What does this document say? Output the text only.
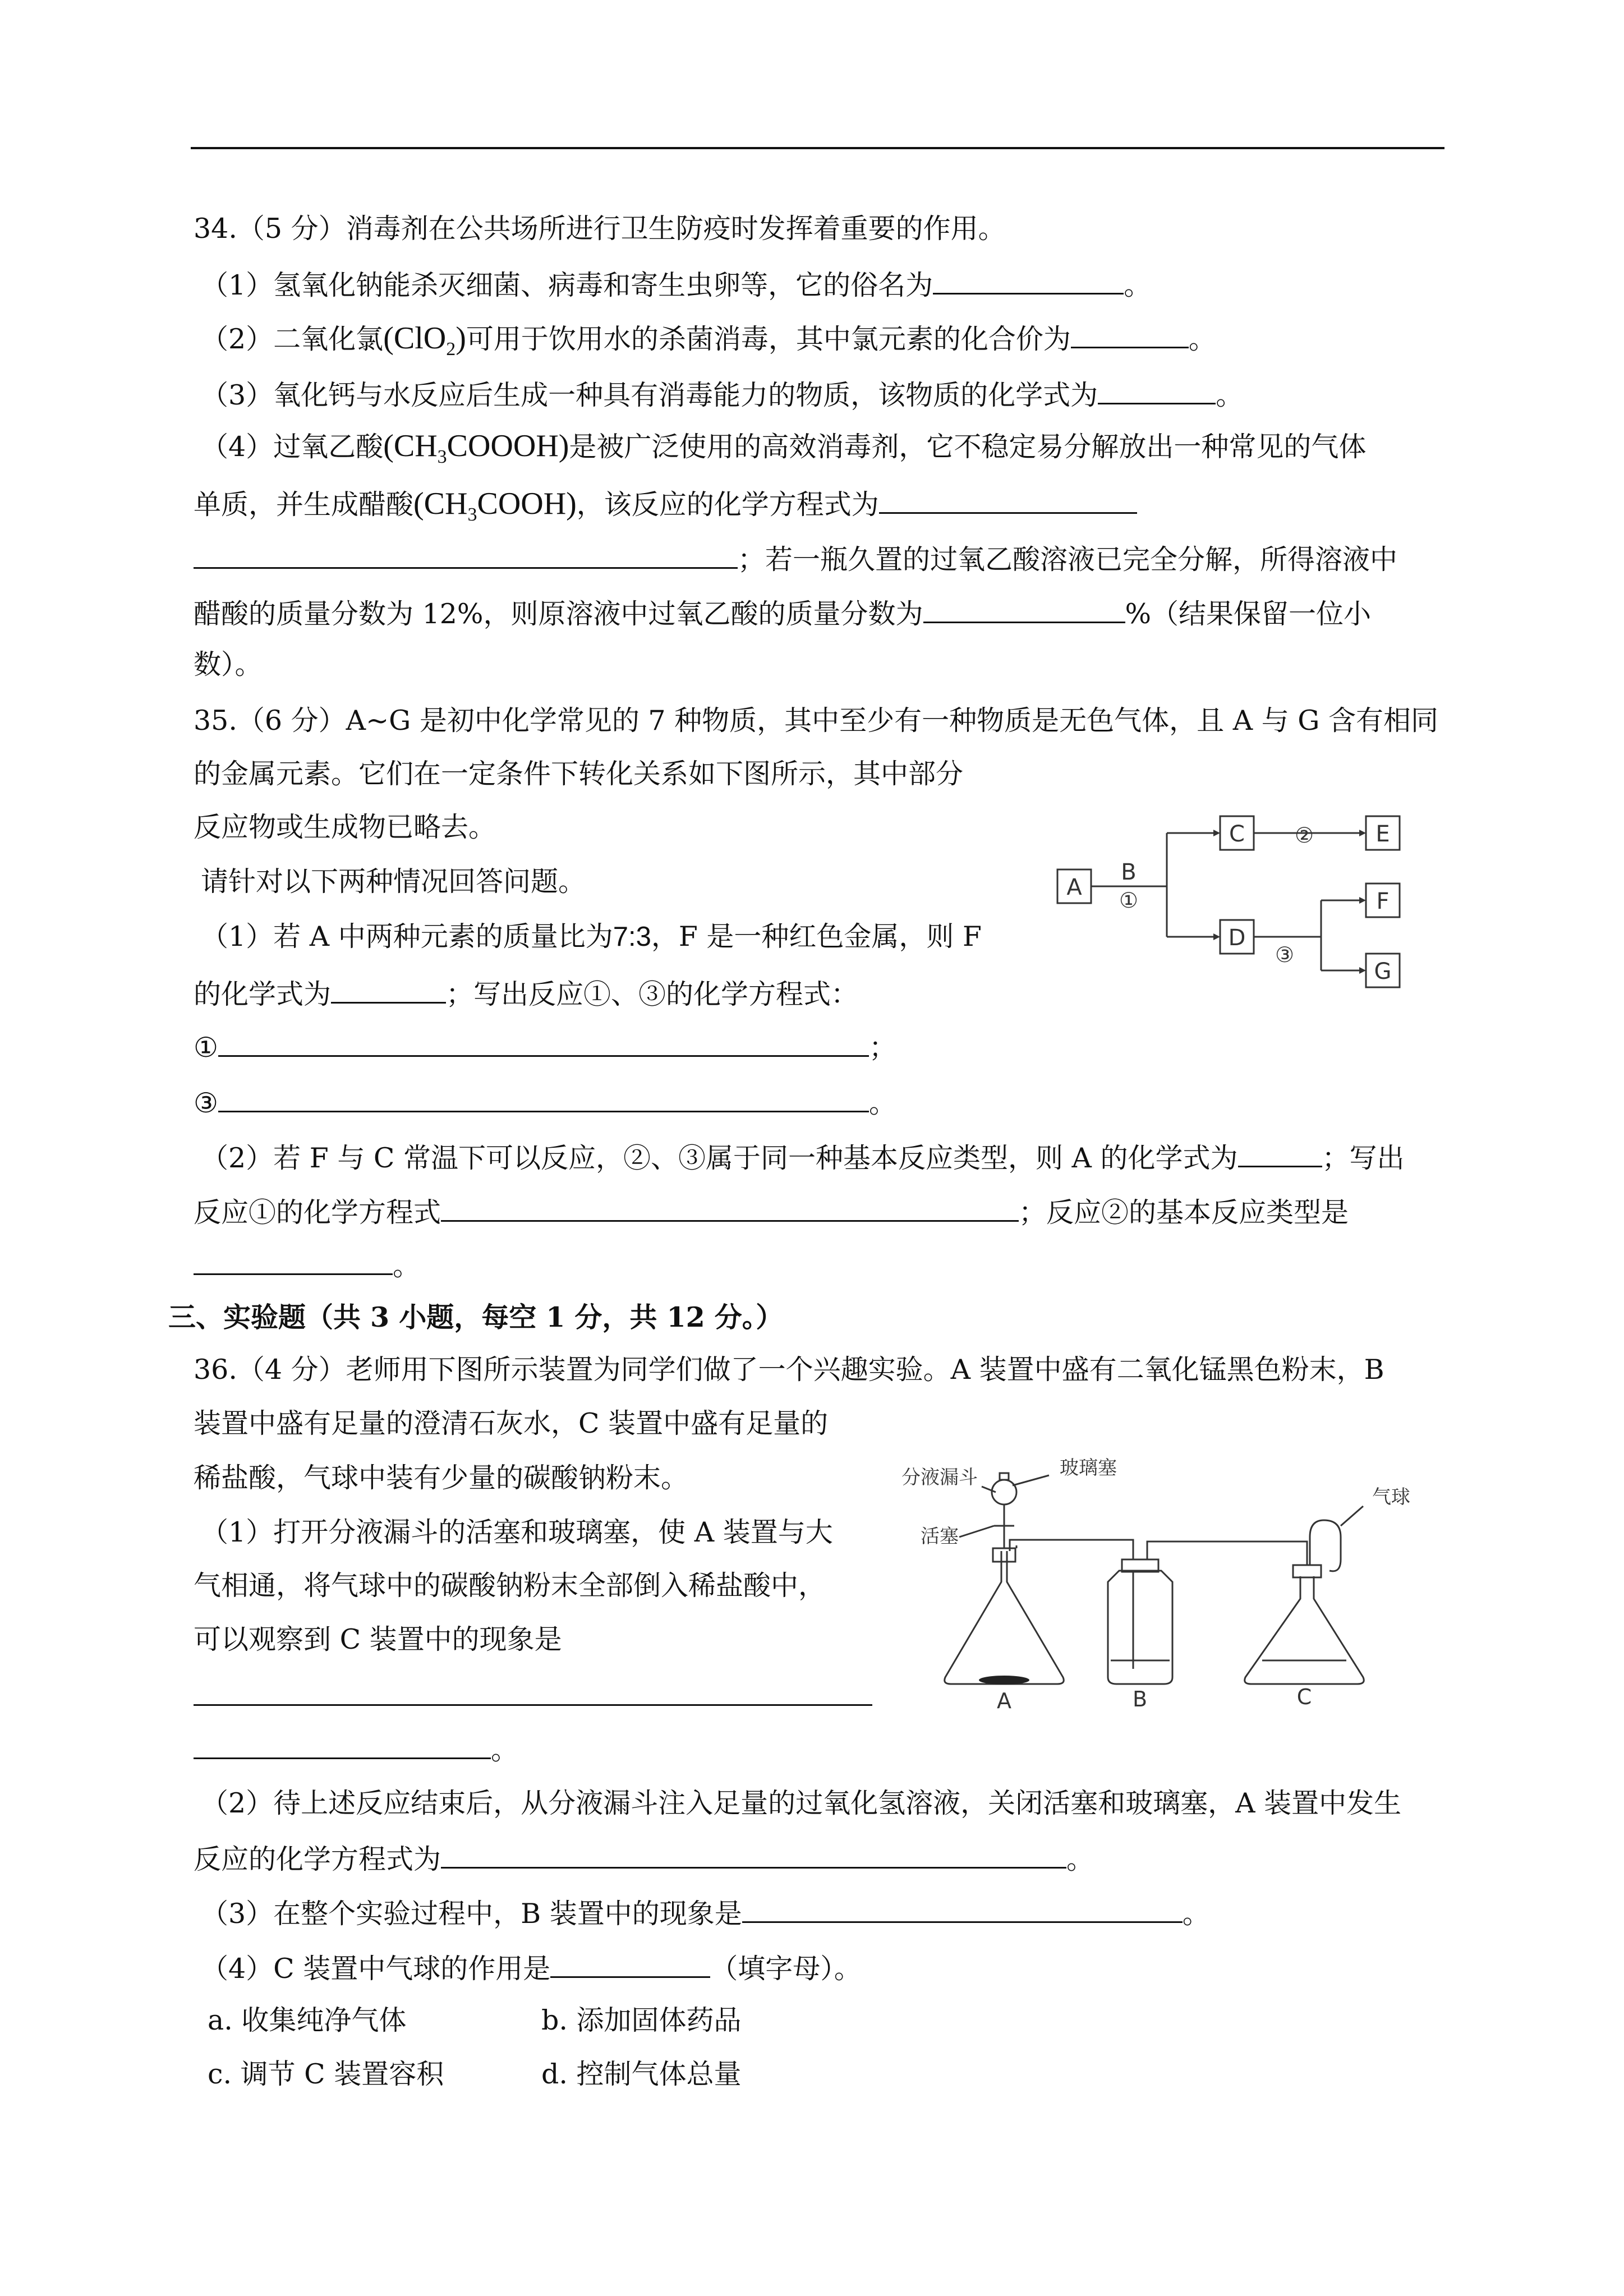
34.（5 分）消毒剂在公共场所进行卫生防疫时发挥着重要的作用。
（1）氢氧化钠能杀灭细菌、病毒和寄生虫卵等，它的俗名为	。
（2）二氧化氯(ClO$_2$)可用于饮用水的杀菌消毒，其中氯元素的化合价为	。
（3）氧化钙与水反应后生成一种具有消毒能力的物质，该物质的化学式为	。
（4）过氧乙酸$(CH_3COOOH)$是被广泛使用的高效消毒剂，它不稳定易分解放出一种常见的气体
单质，并生成醋酸$(CH_3COOH)$，该反应的化学方程式为
；若一瓶久置的过氧乙酸溶液已完全分解，所得溶液中
醋酸的质量分数为 12%，则原溶液中过氧乙酸的质量分数为	%（结果保留一位小
数）。
35.（6 分）A~G 是初中化学常见的 7 种物质，其中至少有一种物质是无色气体，且 A 与 G 含有相同
的金属元素。它们在一定条件下转化关系如下图所示，其中部分
反应物或生成物已略去。
请针对以下两种情况回答问题。
（1）若 A 中两种元素的质量比为7:3，F 是一种红色金属，则 F
的化学式为	；写出反应①、③的化学方程式：
①	；
③	。
（2）若 F 与 C 常温下可以反应，②、③属于同一种基本反应类型，则 A 的化学式为	；写出
反应①的化学方程式	；反应②的基本反应类型是
。
A
C	E
D
F
G
B
①
②
③
三、实验题（共 3 小题，每空 1 分，共 12 分。）
36.（4 分）老师用下图所示装置为同学们做了一个兴趣实验。A 装置中盛有二氧化锰黑色粉末，B
装置中盛有足量的澄清石灰水，C 装置中盛有足量的
稀盐酸，气球中装有少量的碳酸钠粉末。
（1）打开分液漏斗的活塞和玻璃塞，使 A 装置与大
气相通，将气球中的碳酸钠粉末全部倒入稀盐酸中，
可以观察到 C 装置中的现象是
。
（2）待上述反应结束后，从分液漏斗注入足量的过氧化氢溶液，关闭活塞和玻璃塞，A 装置中发生
反应的化学方程式为	。
（3）在整个实验过程中，B 装置中的现象是	。
（4）C 装置中气球的作用是	（填字母）。
a. 收集纯净气体	b. 添加固体药品
c. 调节 C 装置容积	d. 控制气体总量
分液漏斗	玻璃塞
活塞
气球
A	B	C
